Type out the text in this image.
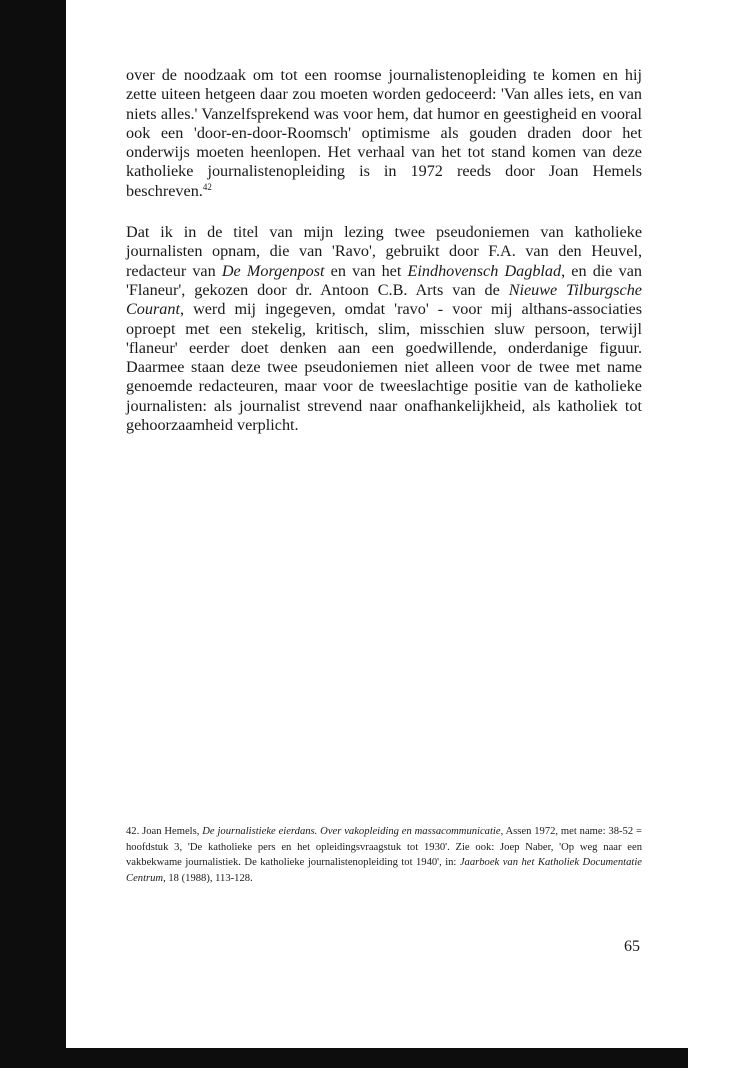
over de noodzaak om tot een roomse journalistenopleiding te komen en hij zette uiteen hetgeen daar zou moeten worden gedoceerd: 'Van alles iets, en van niets alles.' Vanzelfsprekend was voor hem, dat humor en geestigheid en vooral ook een 'door-en-door-Roomsch' optimisme als gouden draden door het onderwijs moeten heenlopen. Het verhaal van het tot stand komen van deze katholieke journalistenopleiding is in 1972 reeds door Joan Hemels beschreven.$^{42}$

Dat ik in de titel van mijn lezing twee pseudoniemen van katholieke journalisten opnam, die van 'Ravo', gebruikt door F.A. van den Heuvel, redacteur van De Morgenpost en van het Eindhovensch Dagblad, en die van 'Flaneur', gekozen door dr. Antoon C.B. Arts van de Nieuwe Tilburgsche Courant, werd mij ingegeven, omdat 'ravo' - voor mij althans-associaties oproept met een stekelig, kritisch, slim, misschien sluw persoon, terwijl 'flaneur' eerder doet denken aan een goedwillende, onderdanige figuur. Daarmee staan deze twee pseudoniemen niet alleen voor de twee met name genoemde redacteuren, maar voor de tweeslachtige positie van de katholieke journalisten: als journalist strevend naar onafhankelijkheid, als katholiek tot gehoorzaamheid verplicht.

42. Joan Hemels, De journalistieke eierdans. Over vakopleiding en massacommunicatie, Assen 1972, met name: 38-52 = hoofdstuk 3, 'De katholieke pers en het opleidingsvraagstuk tot 1930'. Zie ook: Joep Naber, 'Op weg naar een vakbekwame journalistiek. De katholieke journalistenopleiding tot 1940', in: Jaarboek van het Katholiek Documentatie Centrum, 18 (1988), 113-128.
65
